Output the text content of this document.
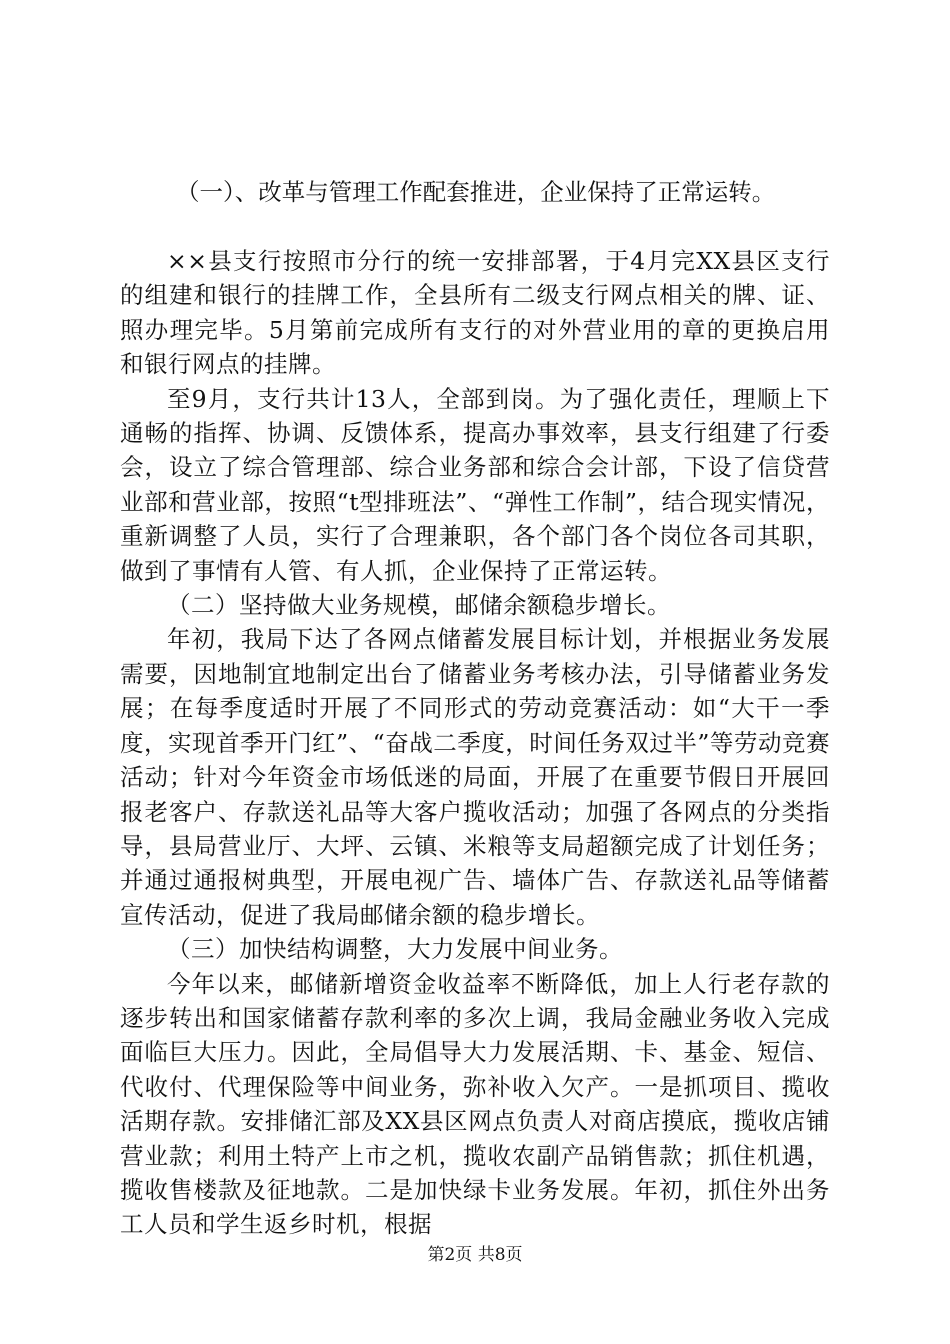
（一）、改革与管理工作配套推进，企业保持了正常运转。

××县支行按照市分行的统一安排部署，于4月完XX县区支行的组建和银行的挂牌工作，全县所有二级支行网点相关的牌、证、照办理完毕。5月第前完成所有支行的对外营业用的章的更换启用和银行网点的挂牌。

至9月，支行共计13人，全部到岗。为了强化责任，理顺上下通畅的指挥、协调、反馈体系，提高办事效率，县支行组建了行委会，设立了综合管理部、综合业务部和综合会计部，下设了信贷营业部和营业部，按照“t型排班法”、“弹性工作制”，结合现实情况，重新调整了人员，实行了合理兼职，各个部门各个岗位各司其职，做到了事情有人管、有人抓，企业保持了正常运转。

（二）坚持做大业务规模，邮储余额稳步增长。

年初，我局下达了各网点储蓄发展目标计划，并根据业务发展需要，因地制宜地制定出台了储蓄业务考核办法，引导储蓄业务发展；在每季度适时开展了不同形式的劳动竞赛活动：如“大干一季度，实现首季开门红”、“奋战二季度，时间任务双过半”等劳动竞赛活动；针对今年资金市场低迷的局面，开展了在重要节假日开展回报老客户、存款送礼品等大客户揽收活动；加强了各网点的分类指导，县局营业厅、大坪、云镇、米粮等支局超额完成了计划任务；并通过通报树典型，开展电视广告、墙体广告、存款送礼品等储蓄宣传活动，促进了我局邮储余额的稳步增长。

（三）加快结构调整，大力发展中间业务。

今年以来，邮储新增资金收益率不断降低，加上人行老存款的逐步转出和国家储蓄存款利率的多次上调，我局金融业务收入完成面临巨大压力。因此，全局倡导大力发展活期、卡、基金、短信、代收付、代理保险等中间业务，弥补收入欠产。一是抓项目、揽收活期存款。安排储汇部及XX县区网点负责人对商店摸底，揽收店铺营业款；利用土特产上市之机，揽收农副产品销售款；抓住机遇，揽收售楼款及征地款。二是加快绿卡业务发展。年初，抓住外出务工人员和学生返乡时机，根据

第2页 共8页
